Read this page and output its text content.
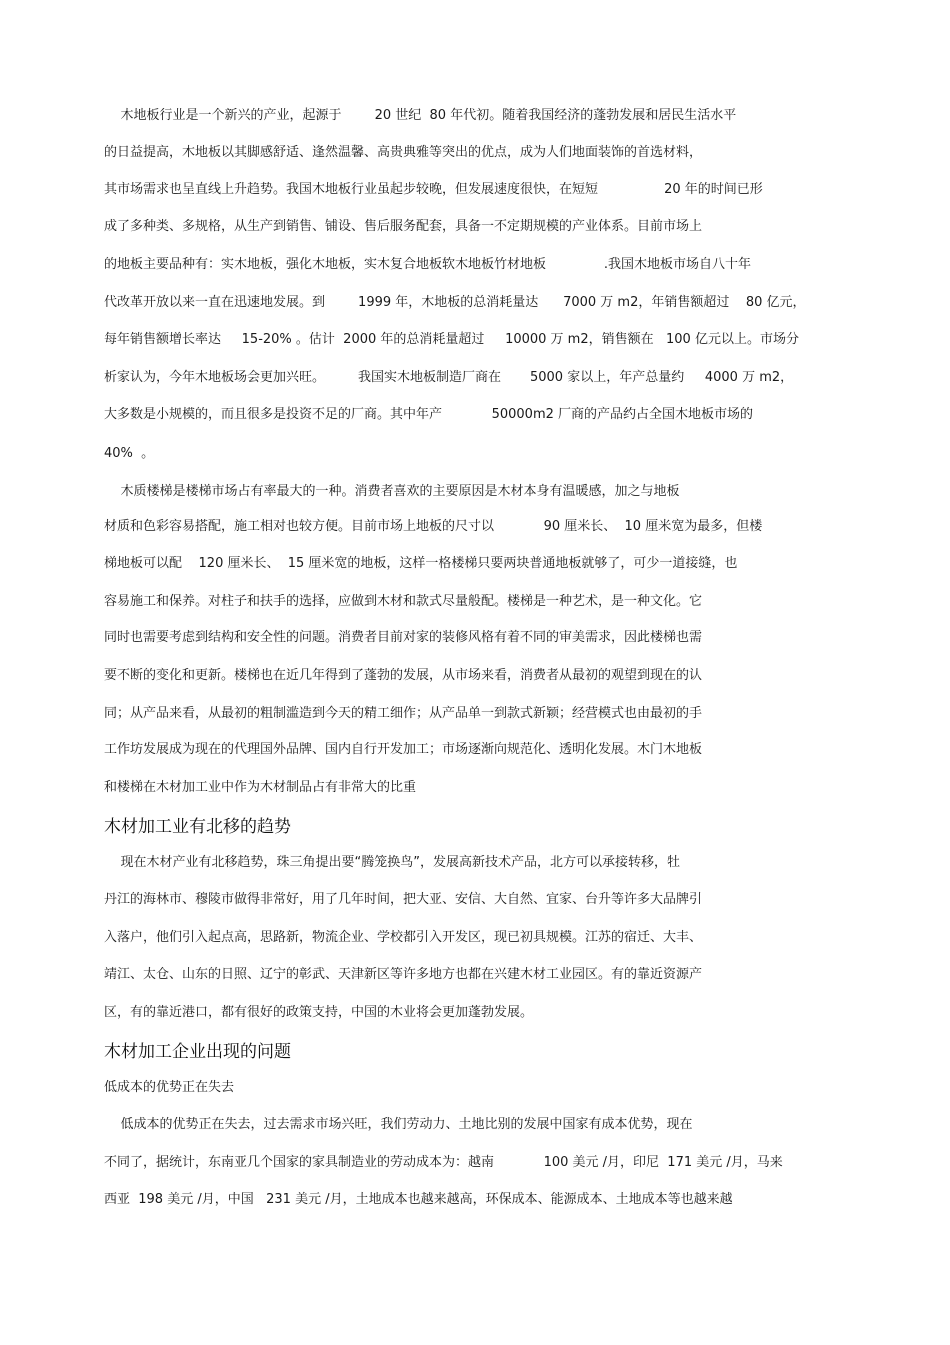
木地板行业是一个新兴的产业，起源于        20 世纪  80 年代初。随着我国经济的蓬勃发展和居民生活水平
的日益提高，木地板以其脚感舒适、逢然温馨、高贵典雅等突出的优点，成为人们地面装饰的首选材料，
其市场需求也呈直线上升趋势。我国木地板行业虽起步较晚，但发展速度很快，在短短                20 年的时间已形
成了多种类、多规格，从生产到销售、铺设、售后服务配套，具备一不定期规模的产业体系。目前市场上
的地板主要品种有：实木地板，强化木地板，实木复合地板软木地板竹材地板              .我国木地板市场自八十年
代改革开放以来一直在迅速地发展。到        1999 年，木地板的总消耗量达      7000 万 m2，年销售额超过    80 亿元，
每年销售额增长率达     15-20% 。估计  2000 年的总消耗量超过     10000 万 m2，销售额在   100 亿元以上。市场分
析家认为，今年木地板场会更加兴旺。        我国实木地板制造厂商在       5000 家以上，年产总量约     4000 万 m2，
大多数是小规模的，而且很多是投资不足的厂商。其中年产            50000m2 厂商的产品约占全国木地板市场的
40%  。
木质楼梯是楼梯市场占有率最大的一种。消费者喜欢的主要原因是木材本身有温暖感，加之与地板
材质和色彩容易搭配，施工相对也较方便。目前市场上地板的尺寸以            90 厘米长、  10 厘米宽为最多，但楼
梯地板可以配    120 厘米长、  15 厘米宽的地板，这样一格楼梯只要两块普通地板就够了，可少一道接缝，也
容易施工和保养。对柱子和扶手的选择，应做到木材和款式尽量般配。楼梯是一种艺术，是一种文化。它
同时也需要考虑到结构和安全性的问题。消费者目前对家的装修风格有着不同的审美需求，因此楼梯也需
要不断的变化和更新。楼梯也在近几年得到了蓬勃的发展，从市场来看，消费者从最初的观望到现在的认
同；从产品来看，从最初的粗制滥造到今天的精工细作；从产品单一到款式新颖；经营模式也由最初的手
工作坊发展成为现在的代理国外品牌、国内自行开发加工；市场逐渐向规范化、透明化发展。木门木地板
和楼梯在木材加工业中作为木材制品占有非常大的比重
木材加工业有北移的趋势
现在木材产业有北移趋势，珠三角提出要“腾笼换鸟”，发展高新技术产品，北方可以承接转移，牡
丹江的海林市、穆陵市做得非常好，用了几年时间，把大亚、安信、大自然、宜家、台升等许多大品牌引
入落户，他们引入起点高，思路新，物流企业、学校都引入开发区，现已初具规模。江苏的宿迁、大丰、
靖江、太仓、山东的日照、辽宁的彰武、天津新区等许多地方也都在兴建木材工业园区。有的靠近资源产
区，有的靠近港口，都有很好的政策支持，中国的木业将会更加蓬勃发展。
木材加工企业出现的问题
低成本的优势正在失去
低成本的优势正在失去，过去需求市场兴旺，我们劳动力、土地比别的发展中国家有成本优势，现在
不同了，据统计，东南亚几个国家的家具制造业的劳动成本为：越南            100 美元 /月，印尼  171 美元 /月，马来
西亚  198 美元 /月，中国   231 美元 /月，土地成本也越来越高，环保成本、能源成本、土地成本等也越来越
